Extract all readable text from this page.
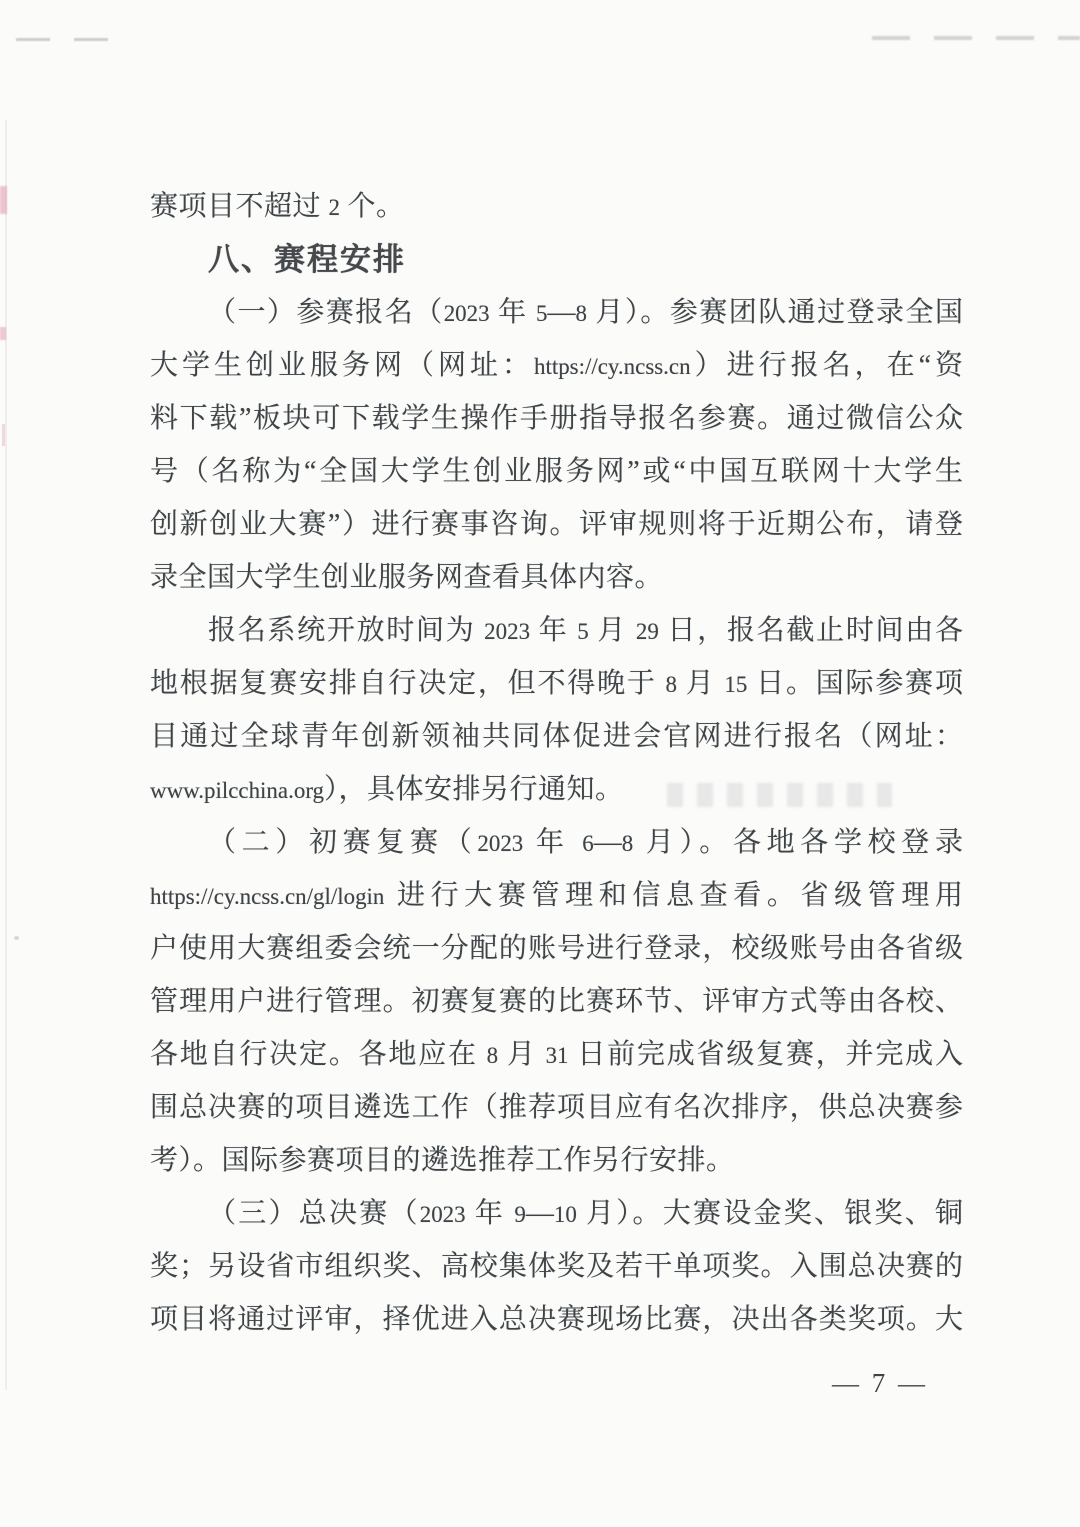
赛项目不超过 2 个。
八、赛程安排
（一）参赛报名（2023 年 5—8 月）。参赛团队通过登录全国
大学生创业服务网（网址：https://cy.ncss.cn）进行报名，在“资
料下载”板块可下载学生操作手册指导报名参赛。通过微信公众
号（名称为“全国大学生创业服务网”或“中国互联网十大学生
创新创业大赛”）进行赛事咨询。评审规则将于近期公布，请登
录全国大学生创业服务网查看具体内容。
报名系统开放时间为 2023 年 5 月 29 日，报名截止时间由各
地根据复赛安排自行决定，但不得晚于 8 月 15 日。国际参赛项
目通过全球青年创新领袖共同体促进会官网进行报名（网址：
www.pilcchina.org），具体安排另行通知。
（二）初赛复赛（2023 年 6—8 月）。各地各学校登录
https://cy.ncss.cn/gl/login 进行大赛管理和信息查看。省级管理用
户使用大赛组委会统一分配的账号进行登录，校级账号由各省级
管理用户进行管理。初赛复赛的比赛环节、评审方式等由各校、
各地自行决定。各地应在 8 月 31 日前完成省级复赛，并完成入
围总决赛的项目遴选工作（推荐项目应有名次排序，供总决赛参
考）。国际参赛项目的遴选推荐工作另行安排。
（三）总决赛（2023 年 9—10 月）。大赛设金奖、银奖、铜
奖；另设省市组织奖、高校集体奖及若干单项奖。入围总决赛的
项目将通过评审，择优进入总决赛现场比赛，决出各类奖项。大
— 7 —
